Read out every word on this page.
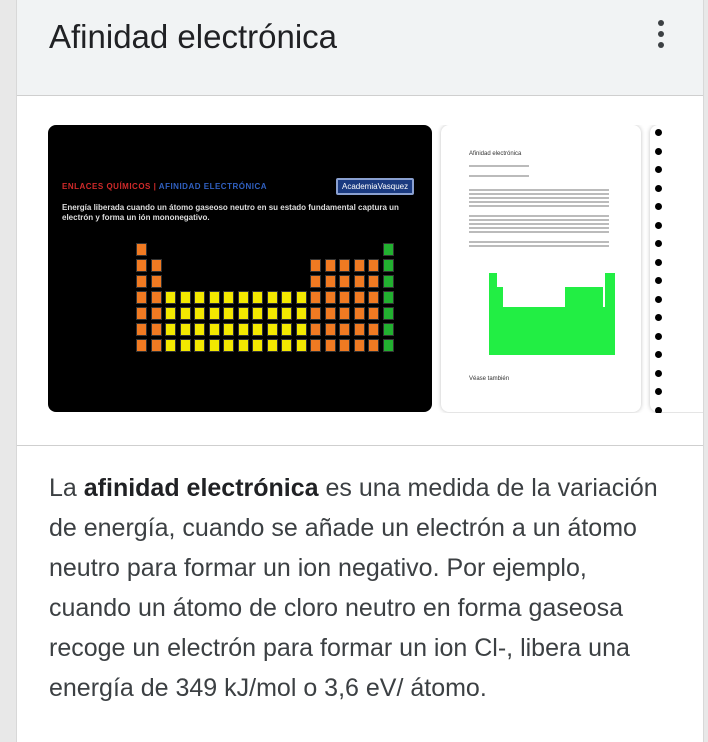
Afinidad electrónica
ENLACES QUÍMICOS | AFINIDAD ELECTRÓNICA	AcademiaVasquez
Energía liberada cuando un átomo gaseoso neutro en su estado fundamental captura un electrón y forma un ión mononegativo.
Afinidad electrónica
Véase también
La afinidad electrónica es una medida de la variación de energía, cuando se añade un electrón a un átomo neutro para formar un ion negativo. Por ejemplo, cuando un átomo de cloro neutro en forma gaseosa recoge un electrón para formar un ion Cl-, libera una energía de 349 kJ/mol o 3,6 eV/ átomo.
